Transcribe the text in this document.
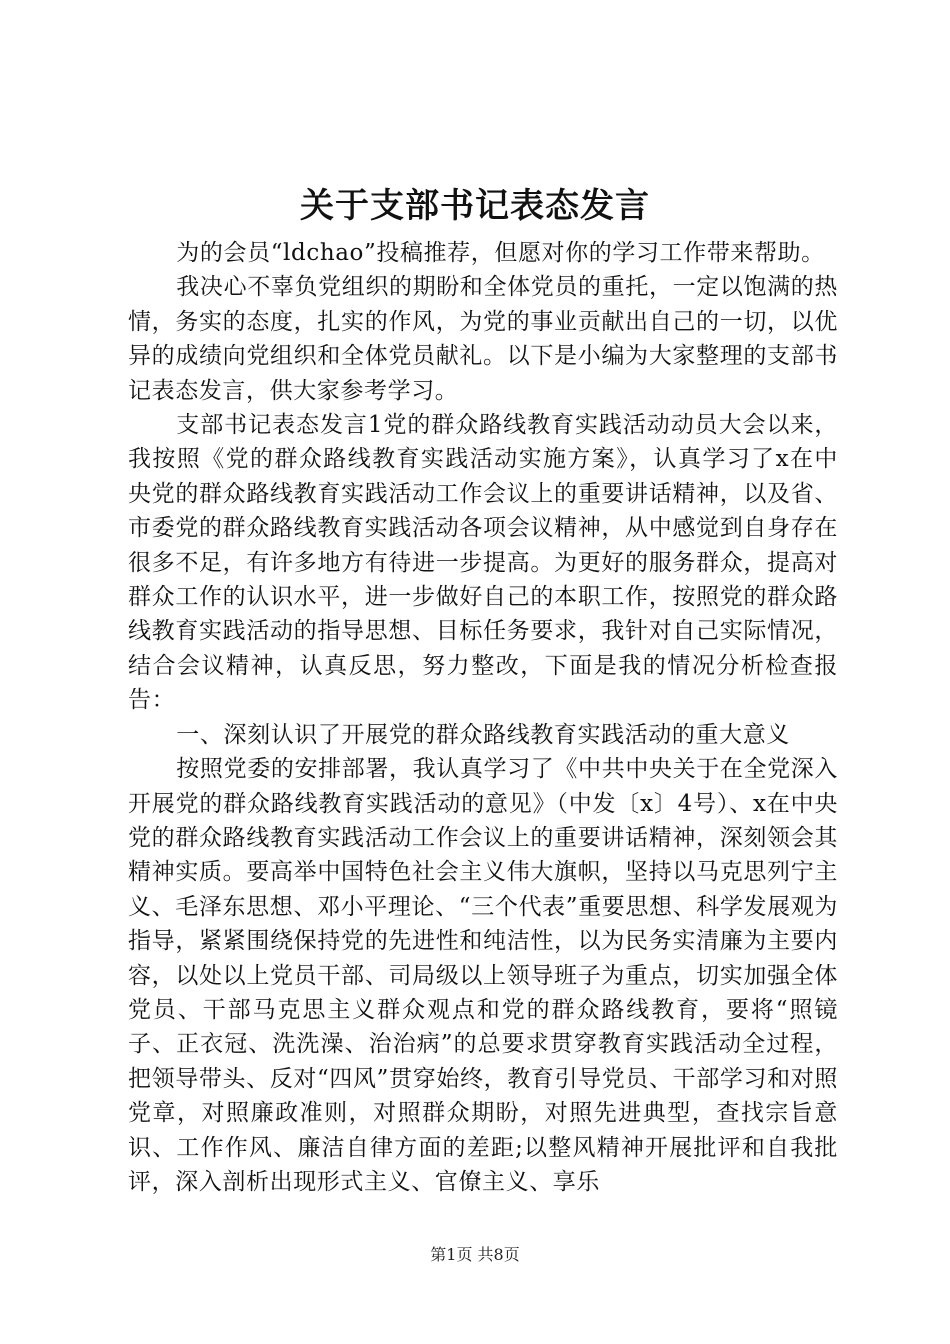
关于支部书记表态发言

为的会员“ldchao”投稿推荐，但愿对你的学习工作带来帮助。

我决心不辜负党组织的期盼和全体党员的重托，一定以饱满的热情，务实的态度，扎实的作风，为党的事业贡献出自己的一切，以优异的成绩向党组织和全体党员献礼。以下是小编为大家整理的支部书记表态发言，供大家参考学习。

支部书记表态发言1党的群众路线教育实践活动动员大会以来，我按照《党的群众路线教育实践活动实施方案》，认真学习了x在中央党的群众路线教育实践活动工作会议上的重要讲话精神，以及省、市委党的群众路线教育实践活动各项会议精神，从中感觉到自身存在很多不足，有许多地方有待进一步提高。为更好的服务群众，提高对群众工作的认识水平，进一步做好自己的本职工作，按照党的群众路线教育实践活动的指导思想、目标任务要求，我针对自己实际情况，结合会议精神，认真反思，努力整改，下面是我的情况分析检查报告：

一、深刻认识了开展党的群众路线教育实践活动的重大意义

按照党委的安排部署，我认真学习了《中共中央关于在全党深入开展党的群众路线教育实践活动的意见》（中发〔x〕4号）、x在中央党的群众路线教育实践活动工作会议上的重要讲话精神，深刻领会其精神实质。要高举中国特色社会主义伟大旗帜，坚持以马克思列宁主义、毛泽东思想、邓小平理论、“三个代表”重要思想、科学发展观为指导，紧紧围绕保持党的先进性和纯洁性，以为民务实清廉为主要内容，以处以上党员干部、司局级以上领导班子为重点，切实加强全体党员、干部马克思主义群众观点和党的群众路线教育，要将“照镜子、正衣冠、洗洗澡、治治病”的总要求贯穿教育实践活动全过程，把领导带头、反对“四风”贯穿始终，教育引导党员、干部学习和对照党章，对照廉政准则，对照群众期盼，对照先进典型，查找宗旨意识、工作作风、廉洁自律方面的差距;以整风精神开展批评和自我批评，深入剖析出现形式主义、官僚主义、享乐

第1页 共8页
